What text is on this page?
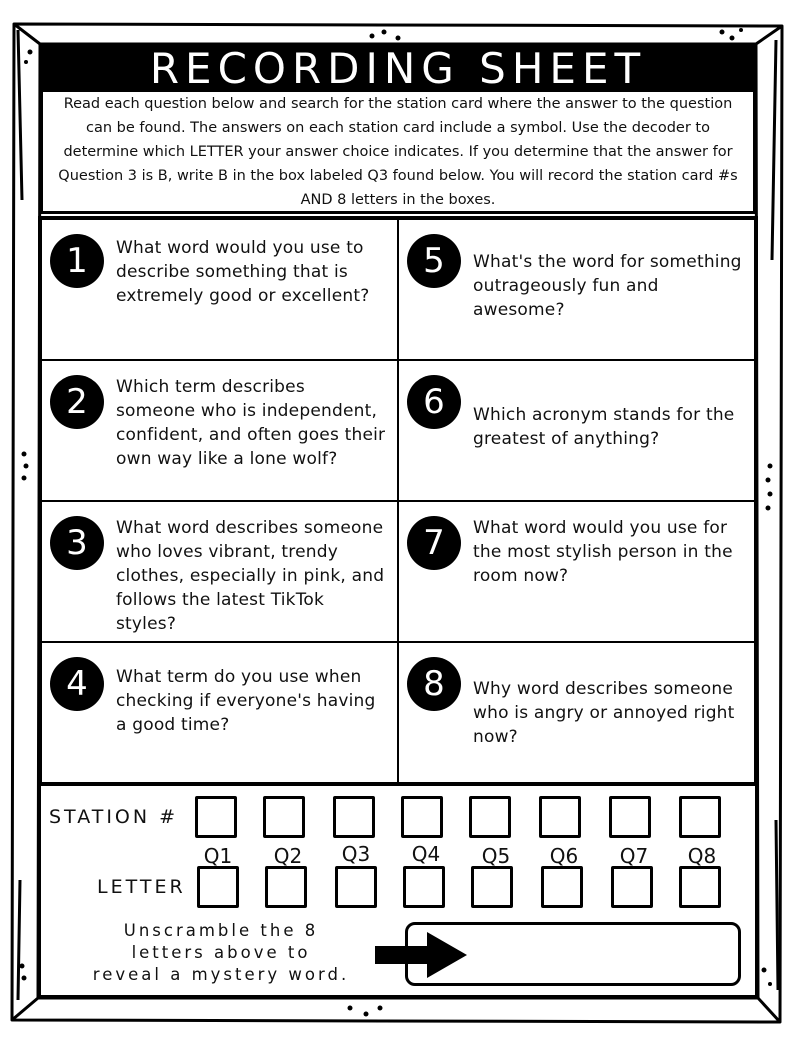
RECORDING SHEET

Read each question below and search for the station card where the answer to the question can be found. The answers on each station card include a symbol. Use the decoder to determine which LETTER your answer choice indicates. If you determine that the answer for Question 3 is B, write B in the box labeled Q3 found below. You will record the station card #s AND 8 letters in the boxes.

1	What word would you use to describe something that is extremely good or excellent?
5	What's the word for something outrageously fun and awesome?
2	Which term describes someone who is independent, confident, and often goes their own way like a lone wolf?
6	Which acronym stands for the greatest of anything?
3	What word describes someone who loves vibrant, trendy clothes, especially in pink, and follows the latest TikTok styles?
7	What word would you use for the most stylish person in the room now?
4	What term do you use when checking if everyone's having a good time?
8	Why word describes someone who is angry or annoyed right now?
STATION #
Q1	Q2	Q3	Q4	Q5	Q6	Q7	Q8
LETTER
Unscramble the 8
letters above to
reveal a mystery word.
